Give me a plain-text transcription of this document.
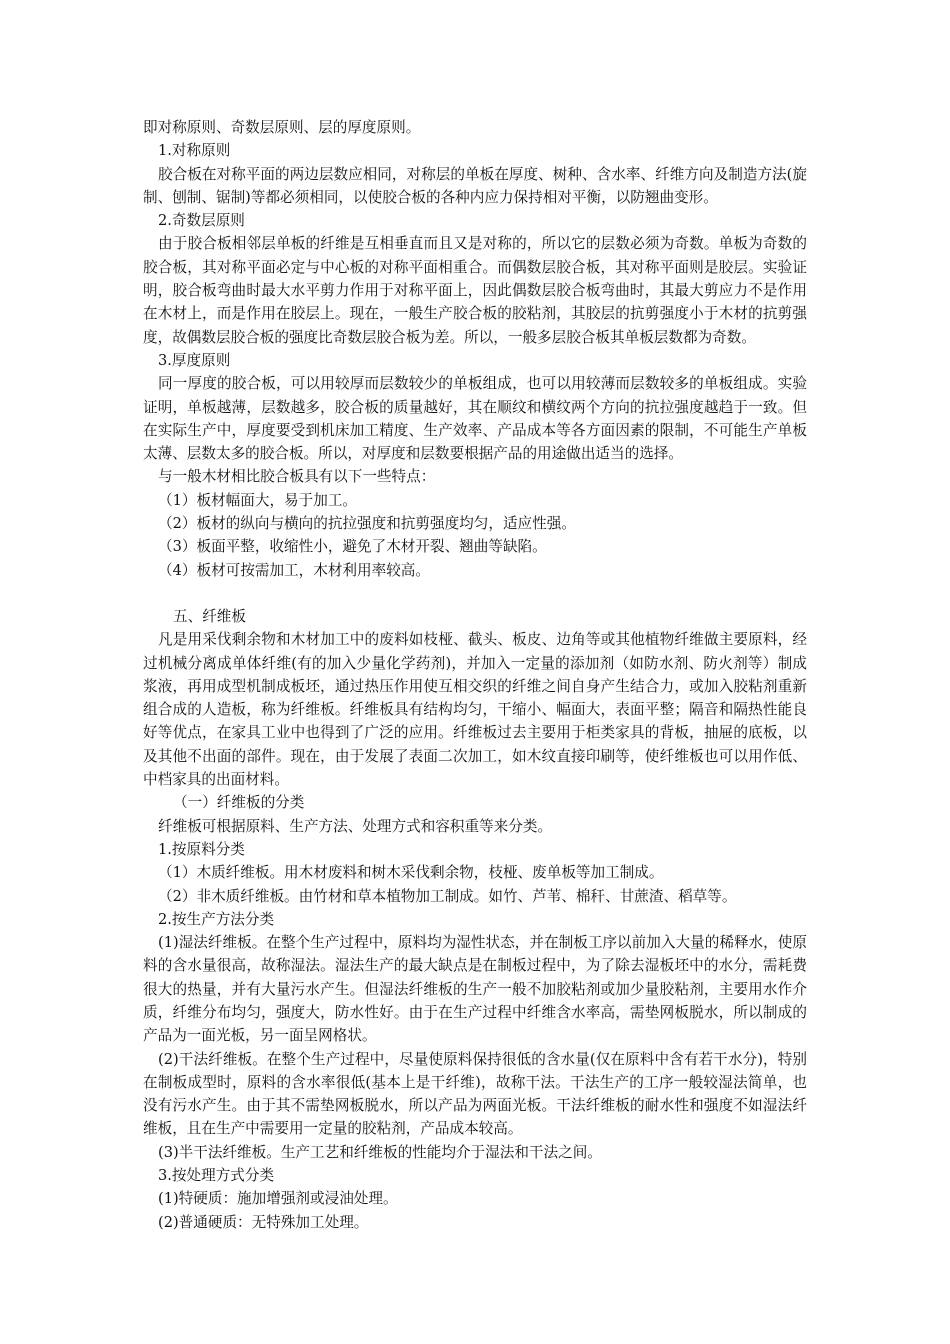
即对称原则、奇数层原则、层的厚度原则。

1.对称原则

胶合板在对称平面的两边层数应相同，对称层的单板在厚度、树种、含水率、纤维方向及制造方法(旋制、刨制、锯制)等都必须相同，以使胶合板的各种内应力保持相对平衡，以防翘曲变形。

2.奇数层原则

由于胶合板相邻层单板的纤维是互相垂直而且又是对称的，所以它的层数必须为奇数。单板为奇数的胶合板，其对称平面必定与中心板的对称平面相重合。而偶数层胶合板，其对称平面则是胶层。实验证明，胶合板弯曲时最大水平剪力作用于对称平面上，因此偶数层胶合板弯曲时，其最大剪应力不是作用在木材上，而是作用在胶层上。现在，一般生产胶合板的胶粘剂，其胶层的抗剪强度小于木材的抗剪强度，故偶数层胶合板的强度比奇数层胶合板为差。所以，一般多层胶合板其单板层数都为奇数。

3.厚度原则

同一厚度的胶合板，可以用较厚而层数较少的单板组成，也可以用较薄而层数较多的单板组成。实验证明，单板越薄，层数越多，胶合板的质量越好，其在顺纹和横纹两个方向的抗拉强度越趋于一致。但在实际生产中，厚度要受到机床加工精度、生产效率、产品成本等各方面因素的限制，不可能生产单板太薄、层数太多的胶合板。所以，对厚度和层数要根据产品的用途做出适当的选择。

与一般木材相比胶合板具有以下一些特点：

（1）板材幅面大，易于加工。

（2）板材的纵向与横向的抗拉强度和抗剪强度均匀，适应性强。

（3）板面平整，收缩性小，避免了木材开裂、翘曲等缺陷。

（4）板材可按需加工，木材利用率较高。

五、纤维板

凡是用采伐剩余物和木材加工中的废料如枝桠、截头、板皮、边角等或其他植物纤维做主要原料，经过机械分离成单体纤维(有的加入少量化学药剂)，并加入一定量的添加剂（如防水剂、防火剂等）制成浆液，再用成型机制成板坯，通过热压作用使互相交织的纤维之间自身产生结合力，或加入胶粘剂重新组合成的人造板，称为纤维板。纤维板具有结构均匀，干缩小、幅面大，表面平整；隔音和隔热性能良好等优点，在家具工业中也得到了广泛的应用。纤维板过去主要用于柜类家具的背板，抽屉的底板，以及其他不出面的部件。现在，由于发展了表面二次加工，如木纹直接印刷等，使纤维板也可以用作低、中档家具的出面材料。

（一）纤维板的分类

纤维板可根据原料、生产方法、处理方式和容积重等来分类。

1.按原料分类

（1）木质纤维板。用木材废料和树木采伐剩余物，枝桠、废单板等加工制成。

（2）非木质纤维板。由竹材和草本植物加工制成。如竹、芦苇、棉秆、甘蔗渣、稻草等。

2.按生产方法分类

(1)湿法纤维板。在整个生产过程中，原料均为湿性状态，并在制板工序以前加入大量的稀释水，使原料的含水量很高，故称湿法。湿法生产的最大缺点是在制板过程中，为了除去湿板坯中的水分，需耗费很大的热量，并有大量污水产生。但湿法纤维板的生产一般不加胶粘剂或加少量胶粘剂，主要用水作介质，纤维分布均匀，强度大，防水性好。由于在生产过程中纤维含水率高，需垫网板脱水，所以制成的产品为一面光板，另一面呈网格状。

(2)干法纤维板。在整个生产过程中，尽量使原料保持很低的含水量(仅在原料中含有若干水分)，特别在制板成型时，原料的含水率很低(基本上是干纤维)，故称干法。干法生产的工序一般较湿法简单，也没有污水产生。由于其不需垫网板脱水，所以产品为两面光板。干法纤维板的耐水性和强度不如湿法纤维板，且在生产中需要用一定量的胶粘剂，产品成本较高。

(3)半干法纤维板。生产工艺和纤维板的性能均介于湿法和干法之间。

3.按处理方式分类

(1)特硬质：施加增强剂或浸油处理。

(2)普通硬质：无特殊加工处理。
